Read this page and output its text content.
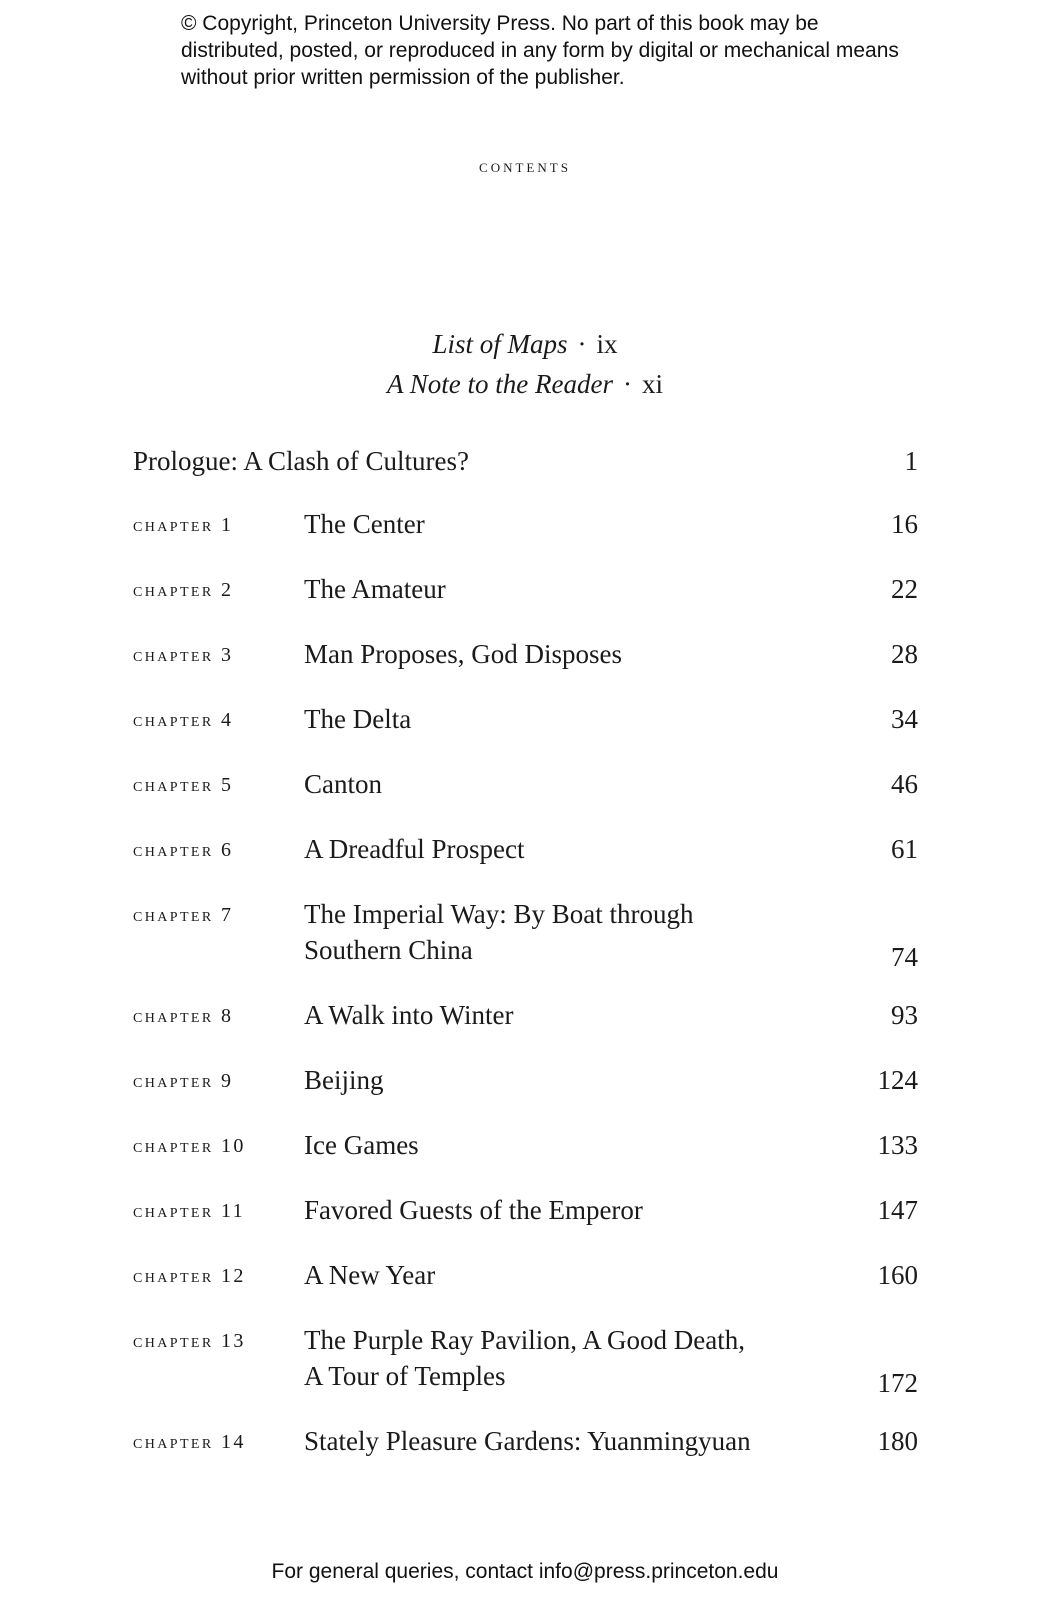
© Copyright, Princeton University Press. No part of this book may be distributed, posted, or reproduced in any form by digital or mechanical means without prior written permission of the publisher.
contents
List of Maps · ix
A Note to the Reader · xi
Prologue: A Clash of Cultures?	1
chapter 1	The Center	16
chapter 2	The Amateur	22
chapter 3	Man Proposes, God Disposes	28
chapter 4	The Delta	34
chapter 5	Canton	46
chapter 6	A Dreadful Prospect	61
chapter 7	The Imperial Way: By Boat through
Southern China	74
chapter 8	A Walk into Winter	93
chapter 9	Beijing	124
chapter 10 Ice Games	133
chapter 11 Favored Guests of the Emperor	147
chapter 12 A New Year	160
chapter 13 The Purple Ray Pavilion, A Good Death,
A Tour of Temples	172
chapter 14 Stately Pleasure Gardens: Yuanmingyuan	180
For general queries, contact info@press.princeton.edu
